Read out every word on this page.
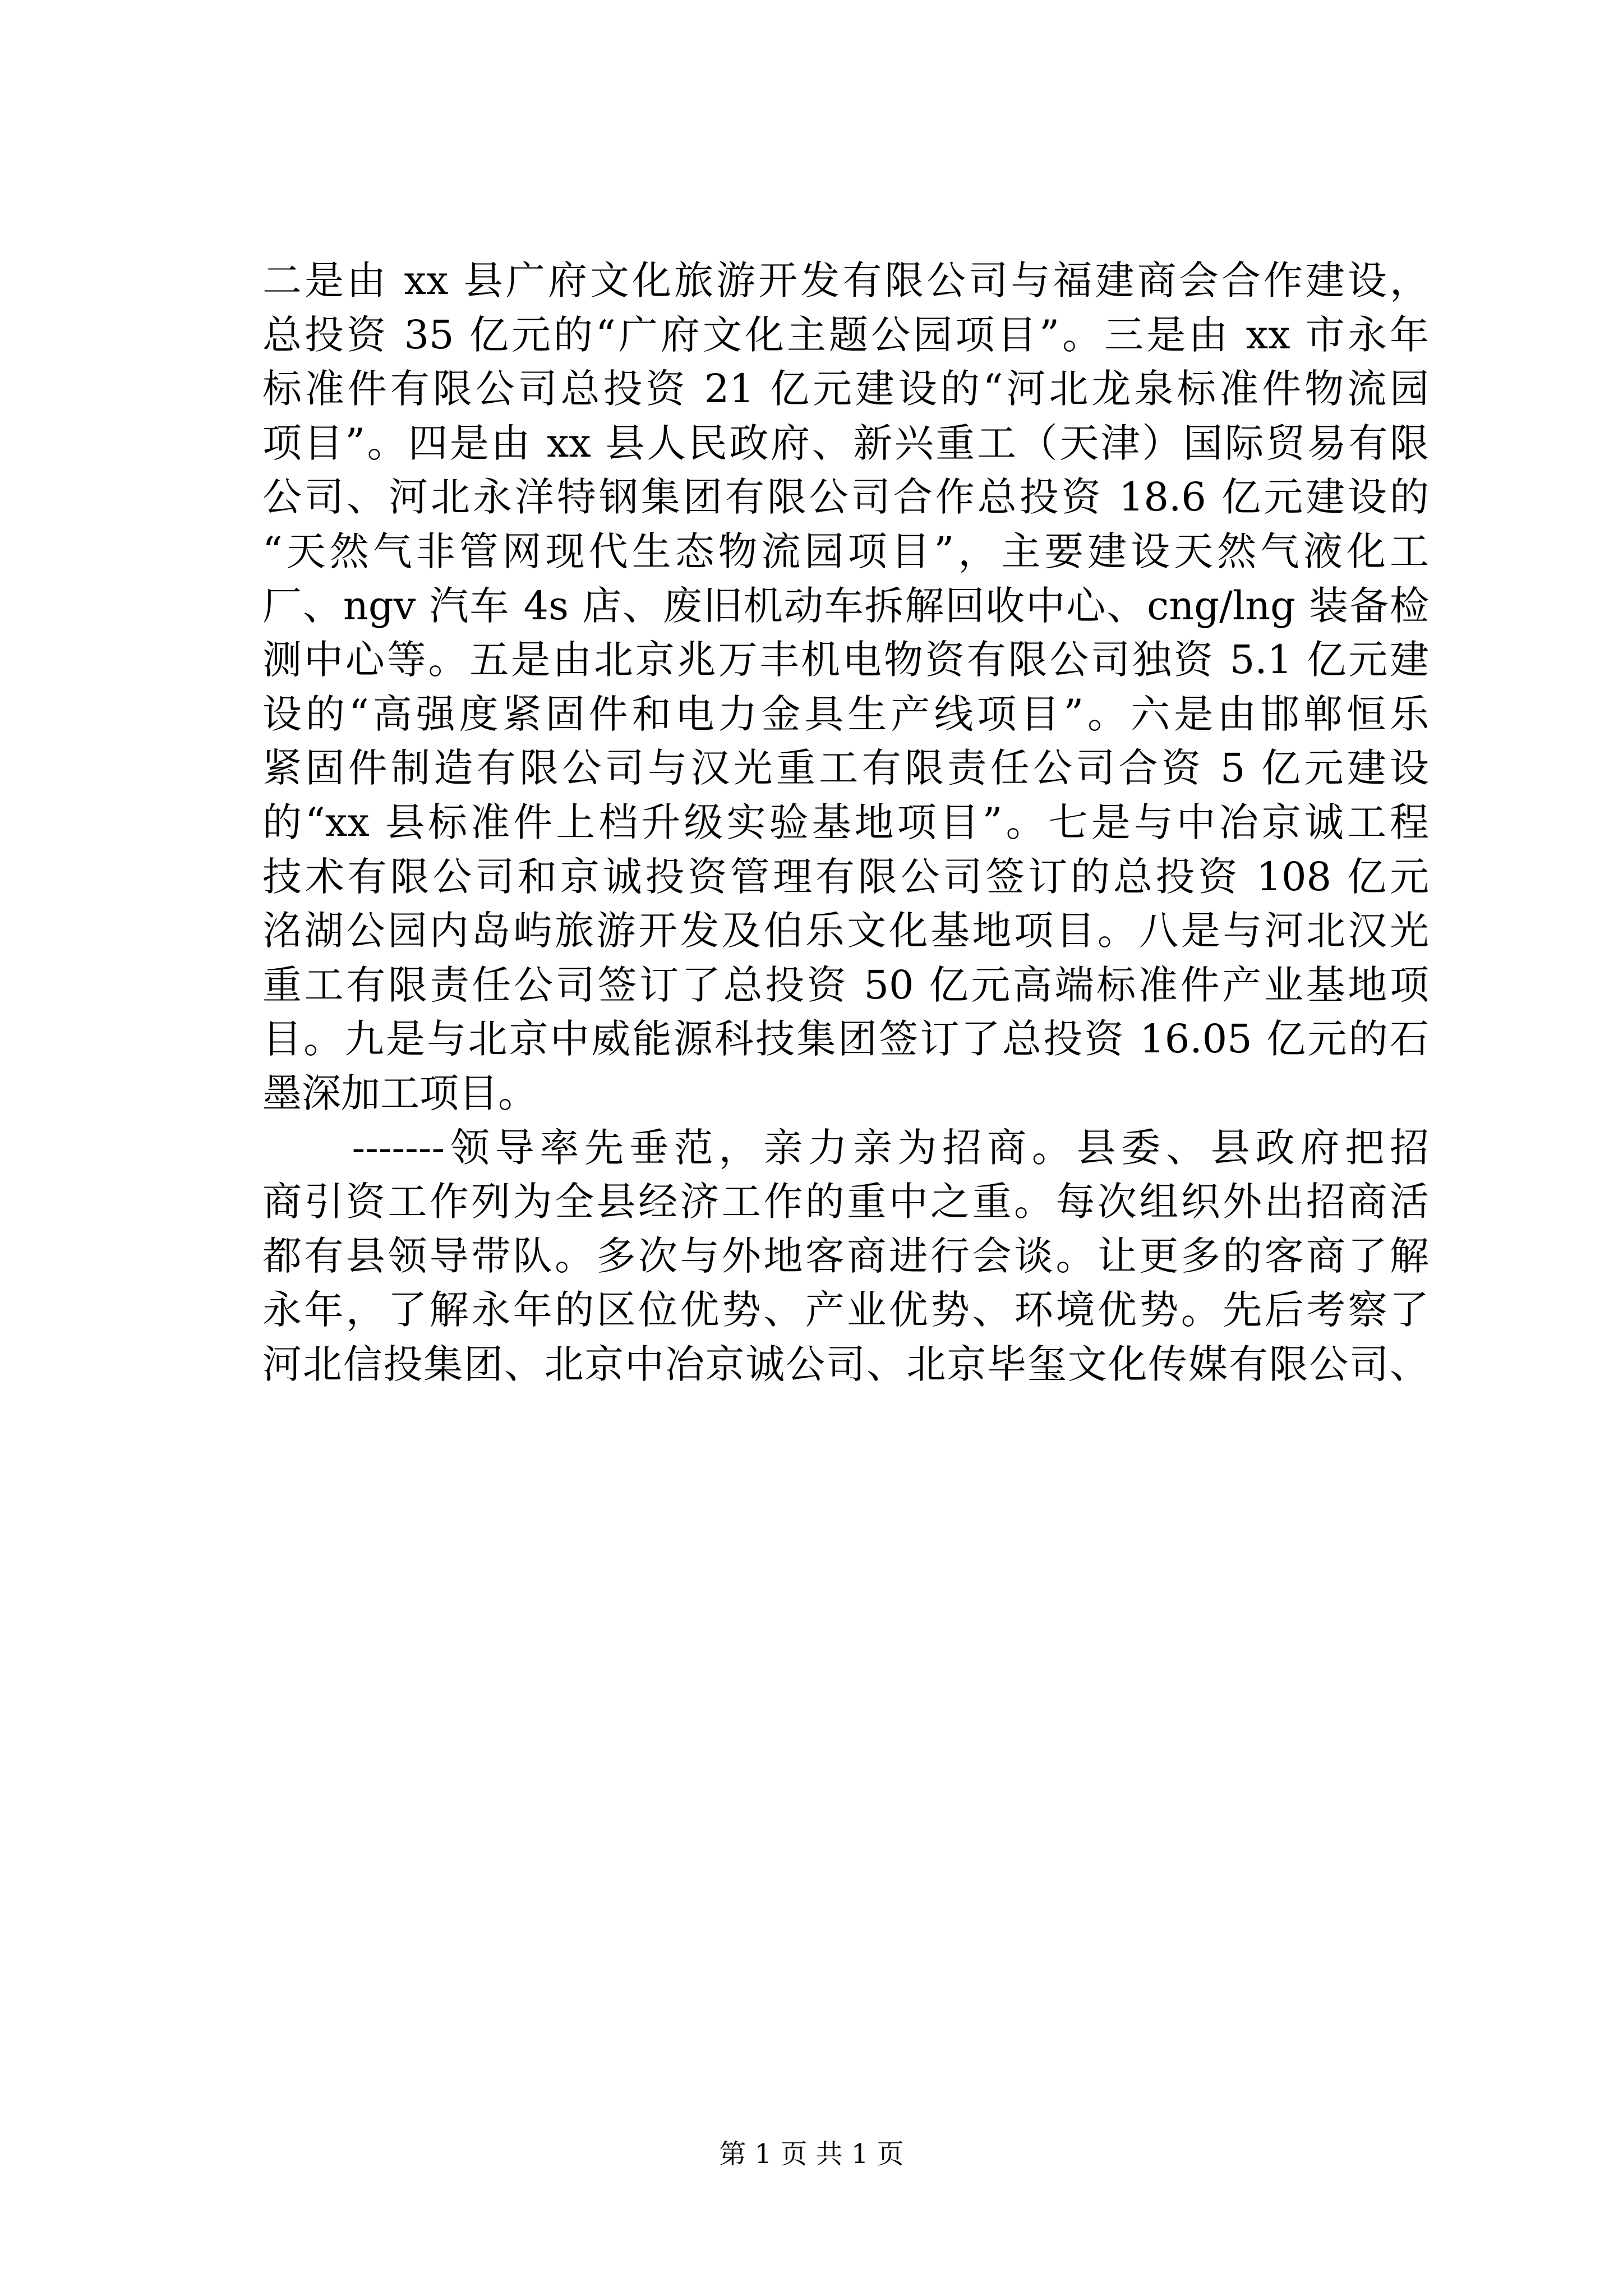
二是由 xx 县广府文化旅游开发有限公司与福建商会合作建设，
总投资 35 亿元的“广府文化主题公园项目”。三是由 xx 市永年
标准件有限公司总投资 21 亿元建设的“河北龙泉标准件物流园
项目”。四是由 xx 县人民政府、新兴重工（天津）国际贸易有限
公司、河北永洋特钢集团有限公司合作总投资 18.6 亿元建设的
“天然气非管网现代生态物流园项目”，主要建设天然气液化工
厂、ngv 汽车 4s 店、废旧机动车拆解回收中心、cng/lng 装备检
测中心等。五是由北京兆万丰机电物资有限公司独资 5.1 亿元建
设的“高强度紧固件和电力金具生产线项目”。六是由邯郸恒乐
紧固件制造有限公司与汉光重工有限责任公司合资 5 亿元建设
的“xx 县标准件上档升级实验基地项目”。七是与中冶京诚工程
技术有限公司和京诚投资管理有限公司签订的总投资 108 亿元
洺湖公园内岛屿旅游开发及伯乐文化基地项目。八是与河北汉光
重工有限责任公司签订了总投资 50 亿元高端标准件产业基地项
目。九是与北京中威能源科技集团签订了总投资 16.05 亿元的石
墨深加工项目。
　　-------领导率先垂范，亲力亲为招商。县委、县政府把招
商引资工作列为全县经济工作的重中之重。每次组织外出招商活
都有县领导带队。多次与外地客商进行会谈。让更多的客商了解
永年，了解永年的区位优势、产业优势、环境优势。先后考察了
河北信投集团、北京中冶京诚公司、北京毕玺文化传媒有限公司、
第 1 页 共 1 页
